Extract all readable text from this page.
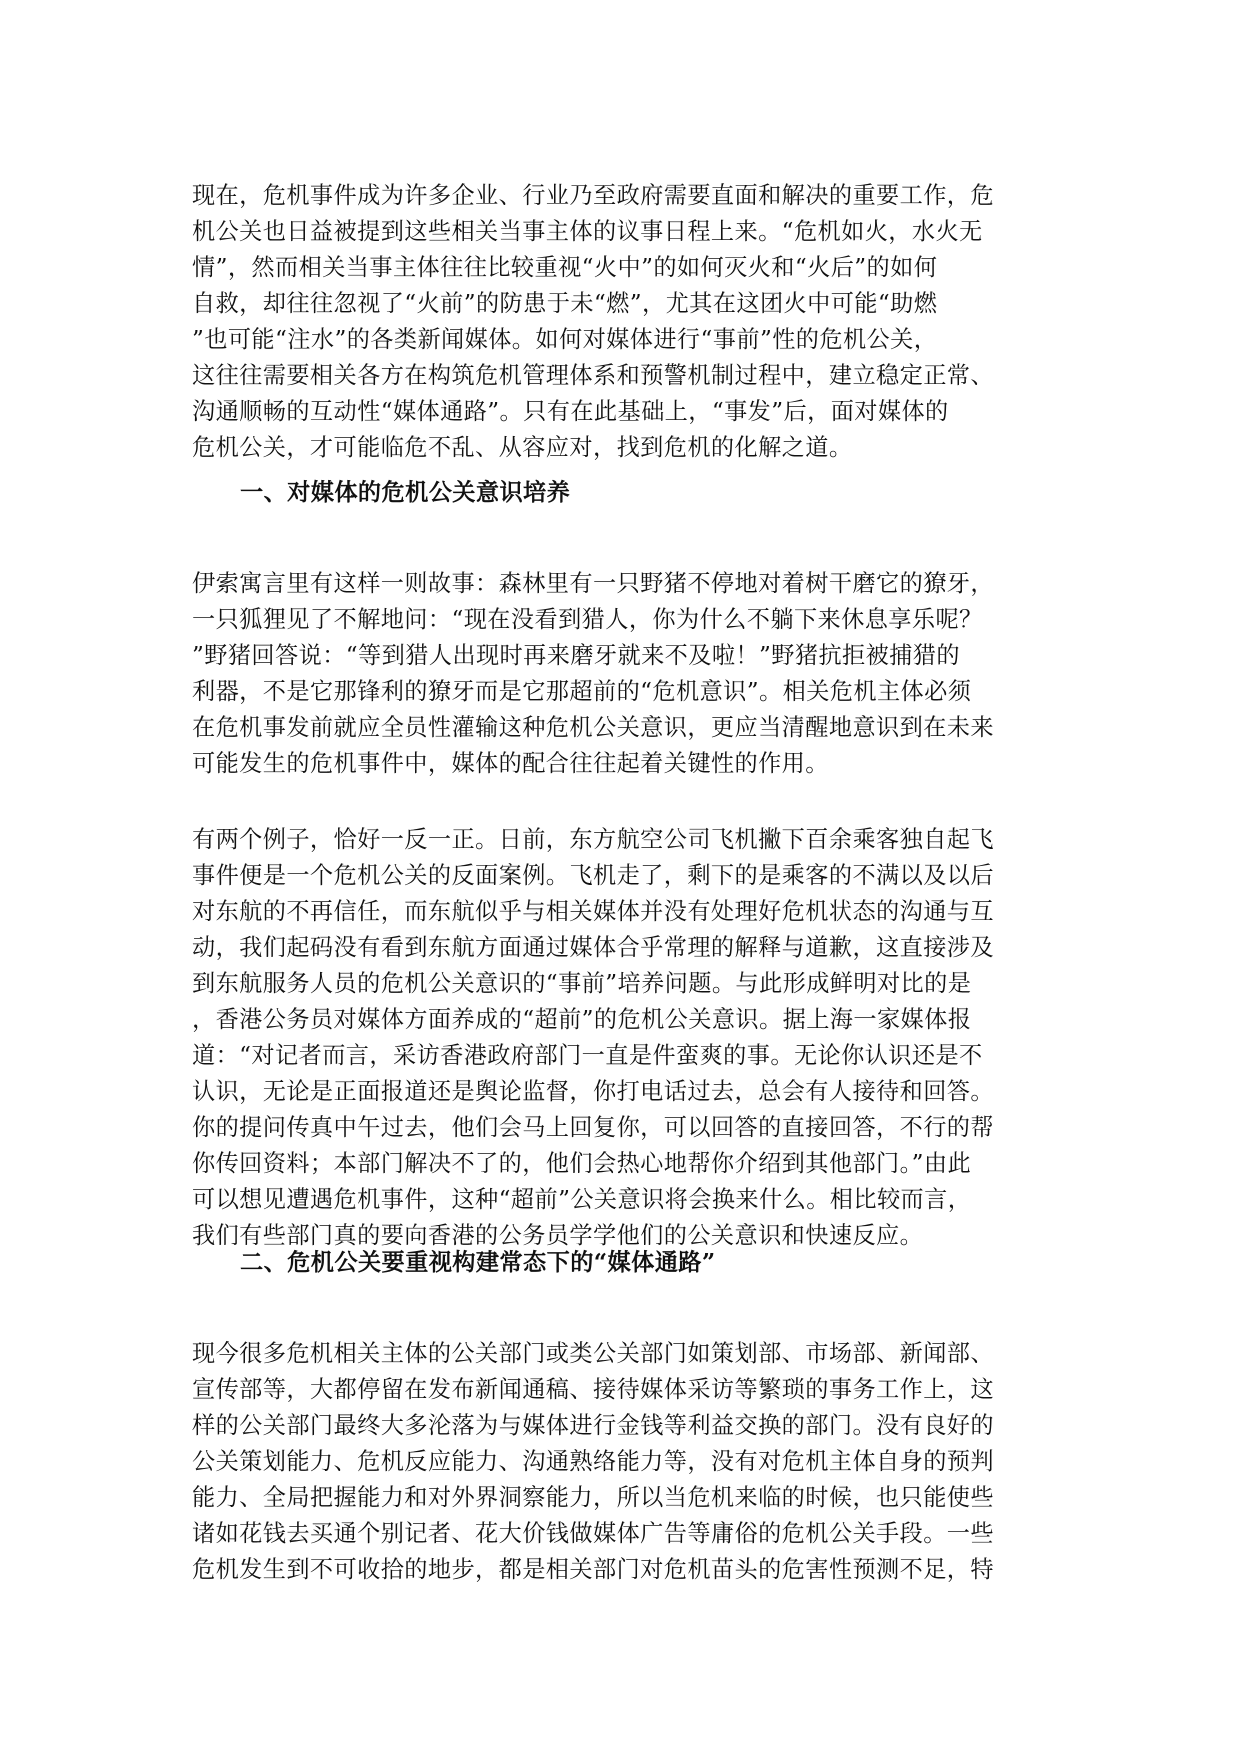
现在，危机事件成为许多企业、行业乃至政府需要直面和解决的重要工作，危
机公关也日益被提到这些相关当事主体的议事日程上来。“危机如火，水火无
情”，然而相关当事主体往往比较重视“火中”的如何灭火和“火后”的如何
自救，却往往忽视了“火前”的防患于未“燃”，尤其在这团火中可能“助燃
”也可能“注水”的各类新闻媒体。如何对媒体进行“事前”性的危机公关，
这往往需要相关各方在构筑危机管理体系和预警机制过程中，建立稳定正常、
沟通顺畅的互动性“媒体通路”。只有在此基础上，“事发”后，面对媒体的
危机公关，才可能临危不乱、从容应对，找到危机的化解之道。
一、对媒体的危机公关意识培养
伊索寓言里有这样一则故事：森林里有一只野猪不停地对着树干磨它的獠牙，
一只狐狸见了不解地问：“现在没看到猎人，你为什么不躺下来休息享乐呢？
”野猪回答说：“等到猎人出现时再来磨牙就来不及啦！”野猪抗拒被捕猎的
利器，不是它那锋利的獠牙而是它那超前的“危机意识”。相关危机主体必须
在危机事发前就应全员性灌输这种危机公关意识，更应当清醒地意识到在未来
可能发生的危机事件中，媒体的配合往往起着关键性的作用。
有两个例子，恰好一反一正。日前，东方航空公司飞机撇下百余乘客独自起飞
事件便是一个危机公关的反面案例。飞机走了，剩下的是乘客的不满以及以后
对东航的不再信任，而东航似乎与相关媒体并没有处理好危机状态的沟通与互
动，我们起码没有看到东航方面通过媒体合乎常理的解释与道歉，这直接涉及
到东航服务人员的危机公关意识的“事前”培养问题。与此形成鲜明对比的是
，香港公务员对媒体方面养成的“超前”的危机公关意识。据上海一家媒体报
道：“对记者而言，采访香港政府部门一直是件蛮爽的事。无论你认识还是不
认识，无论是正面报道还是舆论监督，你打电话过去，总会有人接待和回答。
你的提问传真中午过去，他们会马上回复你，可以回答的直接回答，不行的帮
你传回资料；本部门解决不了的，他们会热心地帮你介绍到其他部门。”由此
可以想见遭遇危机事件，这种“超前”公关意识将会换来什么。相比较而言，
我们有些部门真的要向香港的公务员学学他们的公关意识和快速反应。
二、危机公关要重视构建常态下的“媒体通路”
现今很多危机相关主体的公关部门或类公关部门如策划部、市场部、新闻部、
宣传部等，大都停留在发布新闻通稿、接待媒体采访等繁琐的事务工作上，这
样的公关部门最终大多沦落为与媒体进行金钱等利益交换的部门。没有良好的
公关策划能力、危机反应能力、沟通熟络能力等，没有对危机主体自身的预判
能力、全局把握能力和对外界洞察能力，所以当危机来临的时候，也只能使些
诸如花钱去买通个别记者、花大价钱做媒体广告等庸俗的危机公关手段。一些
危机发生到不可收拾的地步，都是相关部门对危机苗头的危害性预测不足，特
